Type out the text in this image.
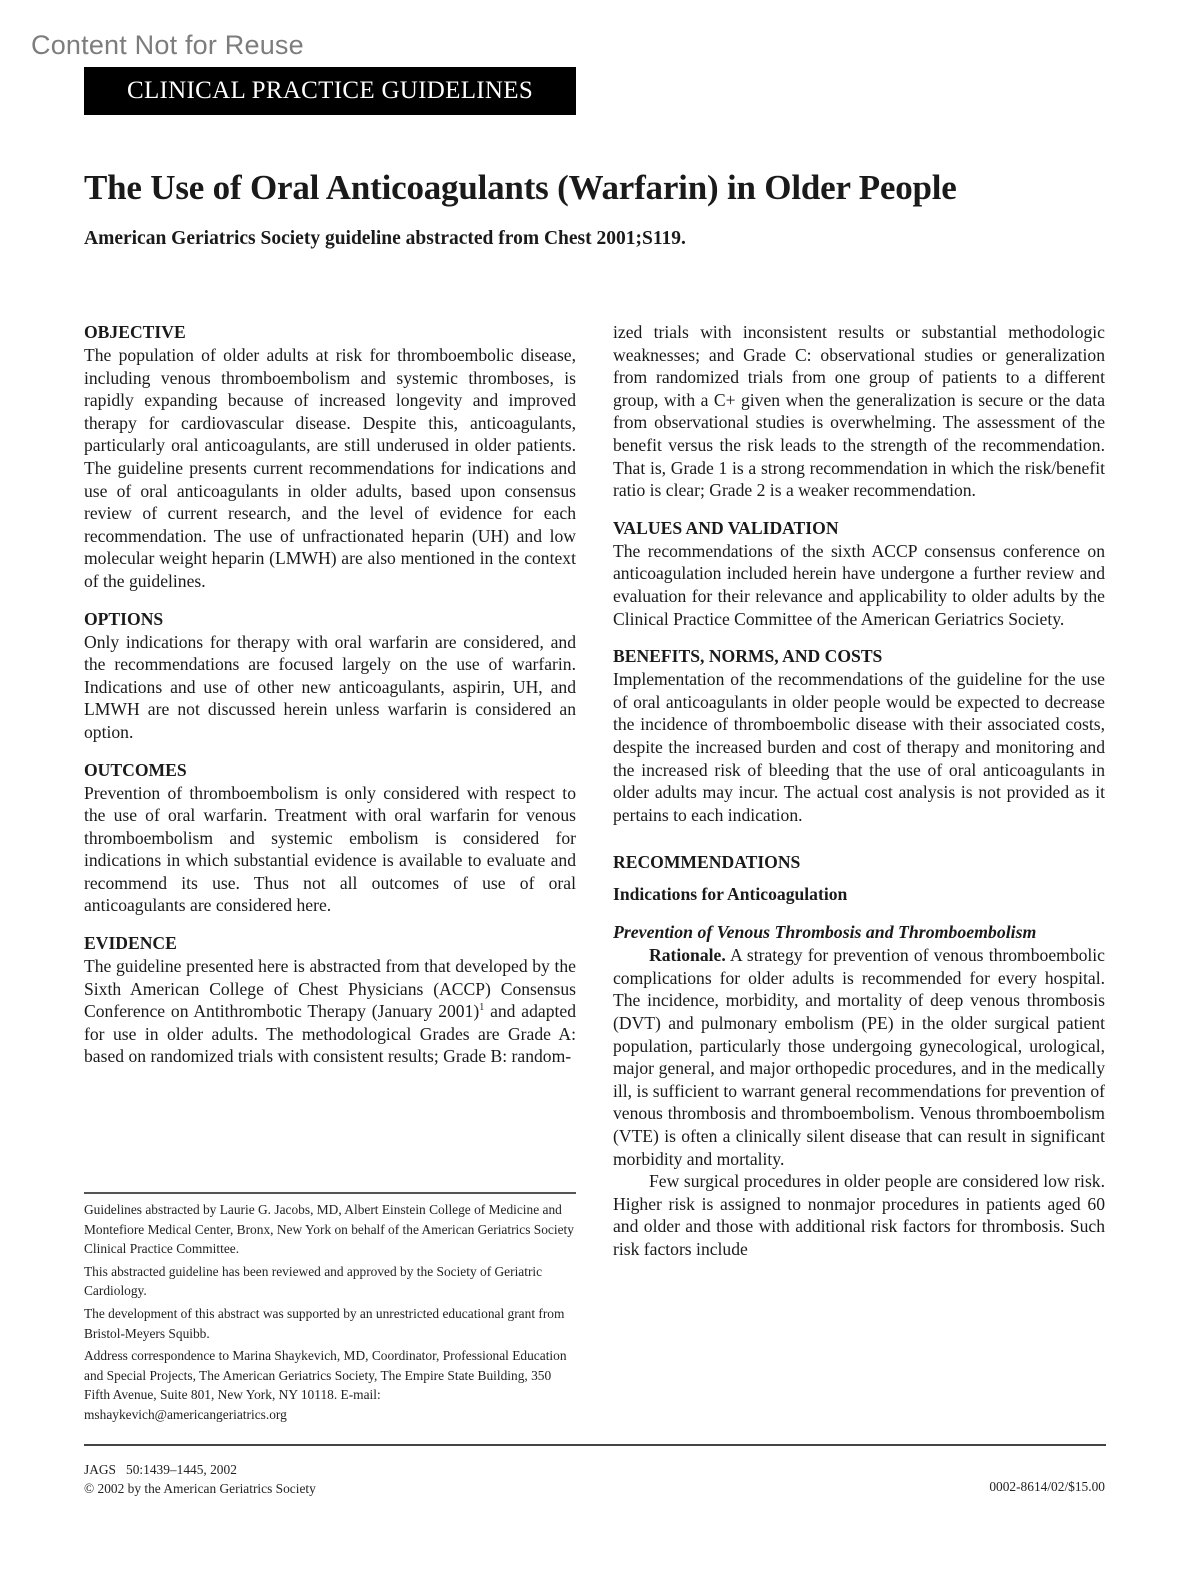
Content Not for Reuse
CLINICAL PRACTICE GUIDELINES
The Use of Oral Anticoagulants (Warfarin) in Older People
American Geriatrics Society guideline abstracted from Chest 2001;S119.
OBJECTIVE

The population of older adults at risk for thromboembolic disease, including venous thromboembolism and systemic thromboses, is rapidly expanding because of increased longevity and improved therapy for cardiovascular disease. Despite this, anticoagulants, particularly oral anticoagulants, are still underused in older patients. The guideline presents current recommendations for indications and use of oral anticoagulants in older adults, based upon consensus review of current research, and the level of evidence for each recommendation. The use of unfractionated heparin (UH) and low molecular weight heparin (LMWH) are also mentioned in the context of the guidelines.

OPTIONS

Only indications for therapy with oral warfarin are considered, and the recommendations are focused largely on the use of warfarin. Indications and use of other new anticoagulants, aspirin, UH, and LMWH are not discussed herein unless warfarin is considered an option.

OUTCOMES

Prevention of thromboembolism is only considered with respect to the use of oral warfarin. Treatment with oral warfarin for venous thromboembolism and systemic embolism is considered for indications in which substantial evidence is available to evaluate and recommend its use. Thus not all outcomes of use of oral anticoagulants are considered here.

EVIDENCE

The guideline presented here is abstracted from that developed by the Sixth American College of Chest Physicians (ACCP) Consensus Conference on Antithrombotic Therapy (January 2001)$^1$ and adapted for use in older adults. The methodological Grades are Grade A: based on randomized trials with consistent results; Grade B: random-

ized trials with inconsistent results or substantial methodologic weaknesses; and Grade C: observational studies or generalization from randomized trials from one group of patients to a different group, with a C+ given when the generalization is secure or the data from observational studies is overwhelming. The assessment of the benefit versus the risk leads to the strength of the recommendation. That is, Grade 1 is a strong recommendation in which the risk/benefit ratio is clear; Grade 2 is a weaker recommendation.

VALUES AND VALIDATION

The recommendations of the sixth ACCP consensus conference on anticoagulation included herein have undergone a further review and evaluation for their relevance and applicability to older adults by the Clinical Practice Committee of the American Geriatrics Society.

BENEFITS, NORMS, AND COSTS

Implementation of the recommendations of the guideline for the use of oral anticoagulants in older people would be expected to decrease the incidence of thromboembolic disease with their associated costs, despite the increased burden and cost of therapy and monitoring and the increased risk of bleeding that the use of oral anticoagulants in older adults may incur. The actual cost analysis is not provided as it pertains to each indication.

RECOMMENDATIONS
Indications for Anticoagulation
Prevention of Venous Thrombosis and Thromboembolism

Rationale. A strategy for prevention of venous thromboembolic complications for older adults is recommended for every hospital. The incidence, morbidity, and mortality of deep venous thrombosis (DVT) and pulmonary embolism (PE) in the older surgical patient population, particularly those undergoing gynecological, urological, major general, and major orthopedic procedures, and in the medically ill, is sufficient to warrant general recommendations for prevention of venous thrombosis and thromboembolism. Venous thromboembolism (VTE) is often a clinically silent disease that can result in significant morbidity and mortality.

Few surgical procedures in older people are considered low risk. Higher risk is assigned to nonmajor procedures in patients aged 60 and older and those with additional risk factors for thrombosis. Such risk factors include

Guidelines abstracted by Laurie G. Jacobs, MD, Albert Einstein College of Medicine and Montefiore Medical Center, Bronx, New York on behalf of the American Geriatrics Society Clinical Practice Committee.

This abstracted guideline has been reviewed and approved by the Society of Geriatric Cardiology.

The development of this abstract was supported by an unrestricted educational grant from Bristol-Meyers Squibb.

Address correspondence to Marina Shaykevich, MD, Coordinator, Professional Education and Special Projects, The American Geriatrics Society, The Empire State Building, 350 Fifth Avenue, Suite 801, New York, NY 10118. E-mail: mshaykevich@americangeriatrics.org

JAGS   50:1439–1445, 2002
© 2002 by the American Geriatrics Society	0002-8614/02/$15.00
